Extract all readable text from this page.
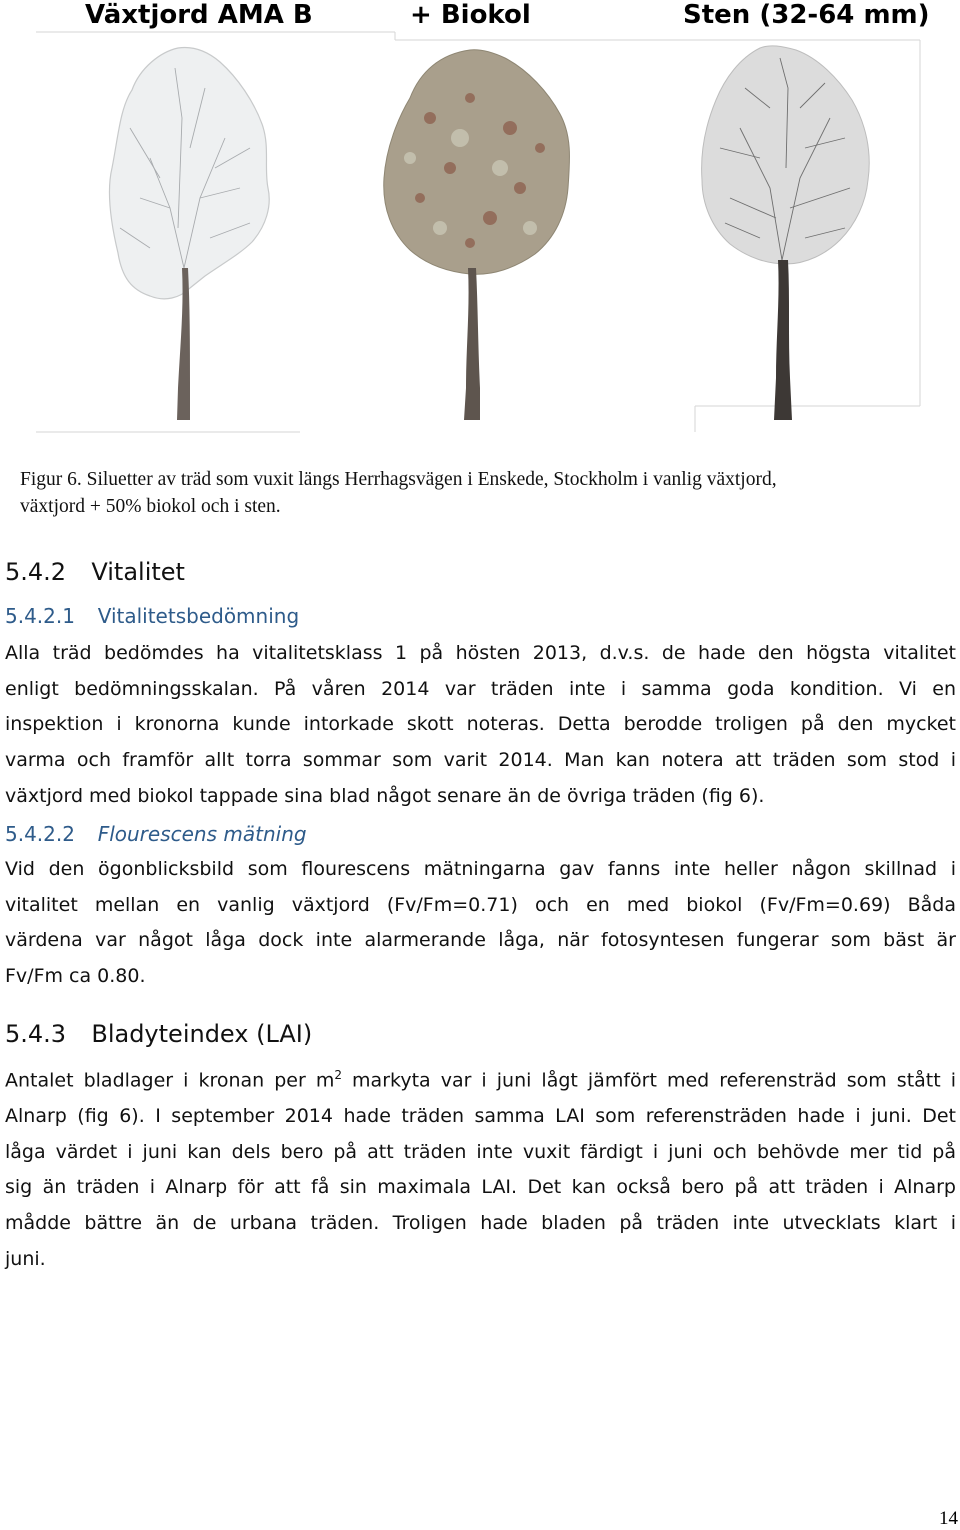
Växtjord AMA B	+ Biokol	Sten (32-64 mm)
Figur 6. Siluetter av träd som vuxit längs Herrhagsvägen i Enskede, Stockholm i vanlig växtjord,
växtjord + 50% biokol och i sten.
5.4.2 Vitalitet
5.4.2.1 Vitalitetsbedömning
Alla träd bedömdes ha vitalitetsklass 1 på hösten 2013, d.v.s. de hade den högsta vitalitet
enligt bedömningsskalan. På våren 2014 var träden inte i samma goda kondition. Vi en
inspektion i kronorna kunde intorkade skott noteras. Detta berodde troligen på den mycket
varma och framför allt torra sommar som varit 2014. Man kan notera att träden som stod i
växtjord med biokol tappade sina blad något senare än de övriga träden (fig 6).
5.4.2.2 Flourescens mätning
Vid den ögonblicksbild som flourescens mätningarna gav fanns inte heller någon skillnad i
vitalitet mellan en vanlig växtjord (Fv/Fm=0.71) och en med biokol (Fv/Fm=0.69) Båda
värdena var något låga dock inte alarmerande låga, när fotosyntesen fungerar som bäst är
Fv/Fm ca 0.80.
5.4.3 Bladyteindex (LAI)
Antalet bladlager i kronan per $m^2$ markyta var i juni lågt jämfört med referensträd som stått i
Alnarp (fig 6). I september 2014 hade träden samma LAI som referensträden hade i juni. Det
låga värdet i juni kan dels bero på att träden inte vuxit färdigt i juni och behövde mer tid på
sig än träden i Alnarp för att få sin maximala LAI. Det kan också bero på att träden i Alnarp
mådde bättre än de urbana träden. Troligen hade bladen på träden inte utvecklats klart i
juni.
14
